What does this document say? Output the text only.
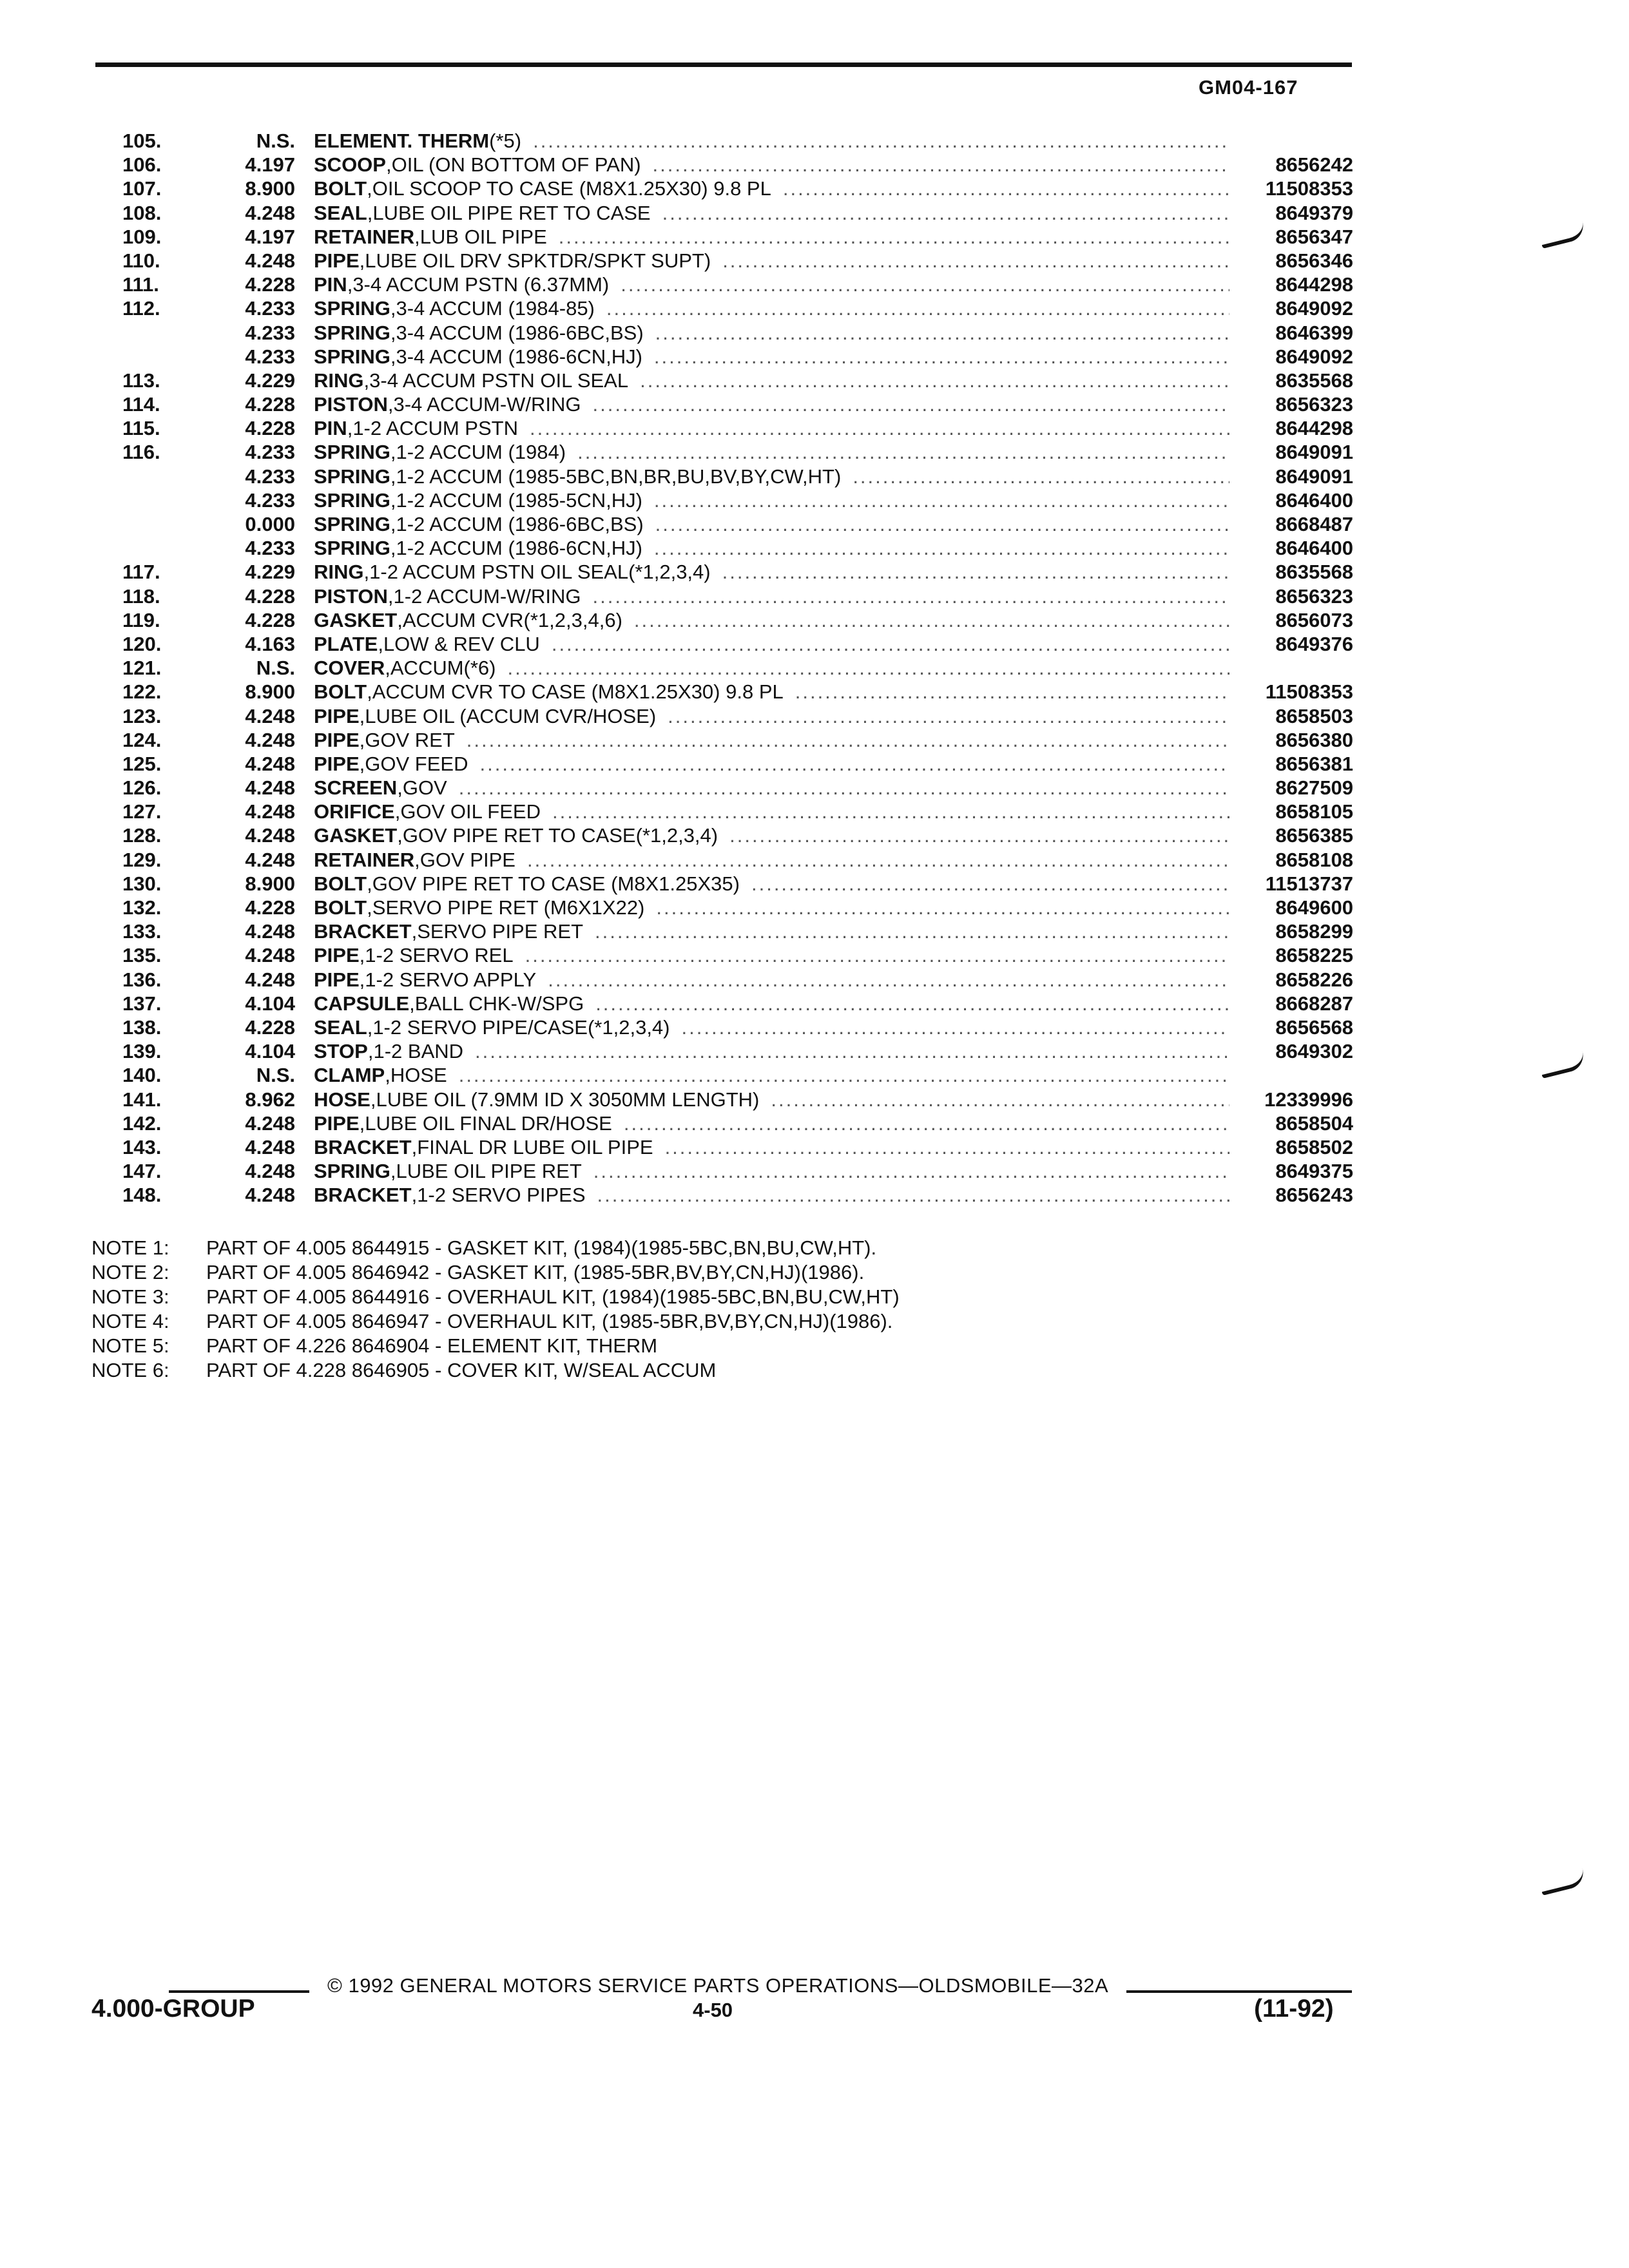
GM04-167
105.	N.S. ELEMENT. THERM (*5)
.....
106.	4.197 SCOOP , OIL (ON BOTTOM OF PAN) .....	8656242
107.	8.900 BOLT , OIL SCOOP TO CASE (M8X1.25X30) 9.8 PL .....	11508353
108.	4.248 SEAL , LUBE OIL PIPE RET TO CASE .....	8649379
109.	4.197 RETAINER , LUB OIL PIPE .....	8656347
110.	4.248 PIPE , LUBE OIL DRV SPKTDR/SPKT SUPT) .....	8656346
111.	4.228 PIN , 3-4 ACCUM PSTN (6.37MM) .....	8644298
112.	4.233 SPRING , 3-4 ACCUM (1984-85) .....	8649092
4.233 SPRING , 3-4 ACCUM (1986-6BC,BS) .....	8646399
4.233 SPRING , 3-4 ACCUM (1986-6CN,HJ) .....	8649092
113.	4.229 RING , 3-4 ACCUM PSTN OIL SEAL .....	8635568
114.	4.228 PISTON , 3-4 ACCUM-W/RING .....	8656323
115.	4.228 PIN , 1-2 ACCUM PSTN .....	8644298
116.	4.233 SPRING , 1-2 ACCUM (1984) .....	8649091
4.233 SPRING , 1-2 ACCUM (1985-5BC,BN,BR,BU,BV,BY,CW,HT) .....	8649091
4.233 SPRING , 1-2 ACCUM (1985-5CN,HJ) .....	8646400
0.000 SPRING , 1-2 ACCUM (1986-6BC,BS) .....	8668487
4.233 SPRING , 1-2 ACCUM (1986-6CN,HJ) .....	8646400
117.	4.229 RING , 1-2 ACCUM PSTN OIL SEAL(*1,2,3,4) .....	8635568
118.	4.228 PISTON , 1-2 ACCUM-W/RING .....	8656323
119.	4.228 GASKET , ACCUM CVR(*1,2,3,4,6) .....	8656073
120.	4.163 PLATE , LOW & REV CLU .....	8649376
121.	N.S. COVER , ACCUM(*6)
.....
122.	8.900 BOLT , ACCUM CVR TO CASE (M8X1.25X30) 9.8 PL .....	11508353
123.	4.248 PIPE , LUBE OIL (ACCUM CVR/HOSE) .....	8658503
124.	4.248 PIPE , GOV RET .....	8656380
125.	4.248 PIPE , GOV FEED .....	8656381
126.	4.248 SCREEN , GOV .....	8627509
127.	4.248 ORIFICE , GOV OIL FEED .....	8658105
128.	4.248 GASKET , GOV PIPE RET TO CASE(*1,2,3,4) .....	8656385
129.	4.248 RETAINER , GOV PIPE .....	8658108
130.	8.900 BOLT , GOV PIPE RET TO CASE (M8X1.25X35) .....	11513737
132.	4.228 BOLT , SERVO PIPE RET (M6X1X22) .....	8649600
133.	4.248 BRACKET , SERVO PIPE RET .....	8658299
135.	4.248 PIPE , 1-2 SERVO REL .....	8658225
136.	4.248 PIPE , 1-2 SERVO APPLY .....	8658226
137.	4.104 CAPSULE , BALL CHK-W/SPG .....	8668287
138.	4.228 SEAL , 1-2 SERVO PIPE/CASE(*1,2,3,4) .....	8656568
139.	4.104 STOP , 1-2 BAND .....	8649302
140.	N.S. CLAMP , HOSE
.....
141.	8.962 HOSE , LUBE OIL (7.9MM ID X 3050MM LENGTH) .....	12339996
142.	4.248 PIPE , LUBE OIL FINAL DR/HOSE .....	8658504
143.	4.248 BRACKET , FINAL DR LUBE OIL PIPE .....	8658502
147.	4.248 SPRING , LUBE OIL PIPE RET .....	8649375
148.	4.248 BRACKET , 1-2 SERVO PIPES .....	8656243
NOTE 1: PART OF 4.005 8644915 - GASKET KIT, (1984)(1985-5BC,BN,BU,CW,HT).
NOTE 2: PART OF 4.005 8646942 - GASKET KIT, (1985-5BR,BV,BY,CN,HJ)(1986).
NOTE 3: PART OF 4.005 8644916 - OVERHAUL KIT, (1984)(1985-5BC,BN,BU,CW,HT)
NOTE 4: PART OF 4.005 8646947 - OVERHAUL KIT, (1985-5BR,BV,BY,CN,HJ)(1986).
NOTE 5: PART OF 4.226 8646904 - ELEMENT KIT, THERM
NOTE 6: PART OF 4.228 8646905 - COVER KIT, W/SEAL ACCUM
© 1992 GENERAL MOTORS SERVICE PARTS OPERATIONS—OLDSMOBILE—32A
4.000-GROUP	4-50	(11-92)
